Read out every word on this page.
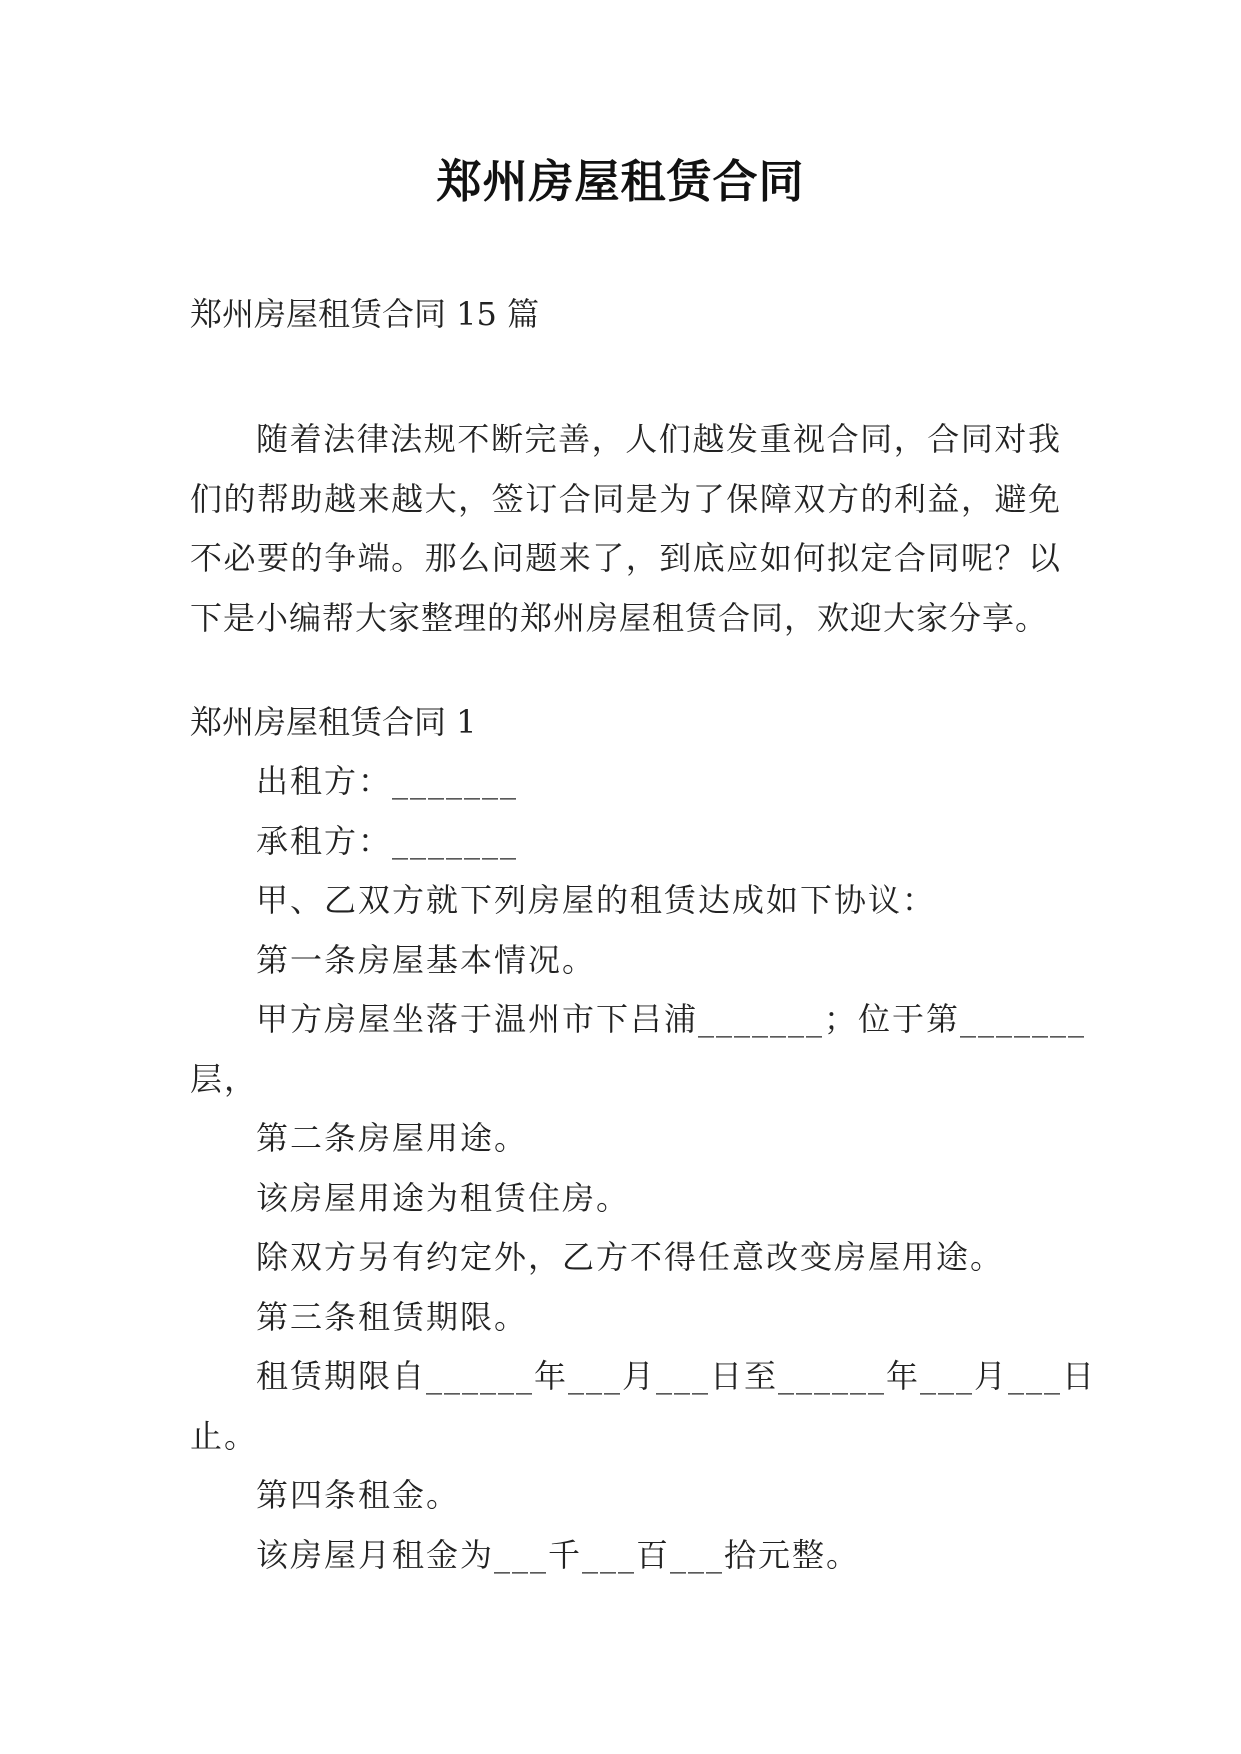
郑州房屋租赁合同
郑州房屋租赁合同 15 篇
随着法律法规不断完善，人们越发重视合同，合同对我
们的帮助越来越大，签订合同是为了保障双方的利益，避免
不必要的争端。那么问题来了，到底应如何拟定合同呢？以
下是小编帮大家整理的郑州房屋租赁合同，欢迎大家分享。
郑州房屋租赁合同 1
出租方：_______
承租方：_______
甲、乙双方就下列房屋的租赁达成如下协议：
第一条房屋基本情况。
甲方房屋坐落于温州市下吕浦_______；位于第_______
层，
第二条房屋用途。
该房屋用途为租赁住房。
除双方另有约定外，乙方不得任意改变房屋用途。
第三条租赁期限。
租赁期限自______年___月___日至______年___月___日
止。
第四条租金。
该房屋月租金为___千___百___拾元整。
